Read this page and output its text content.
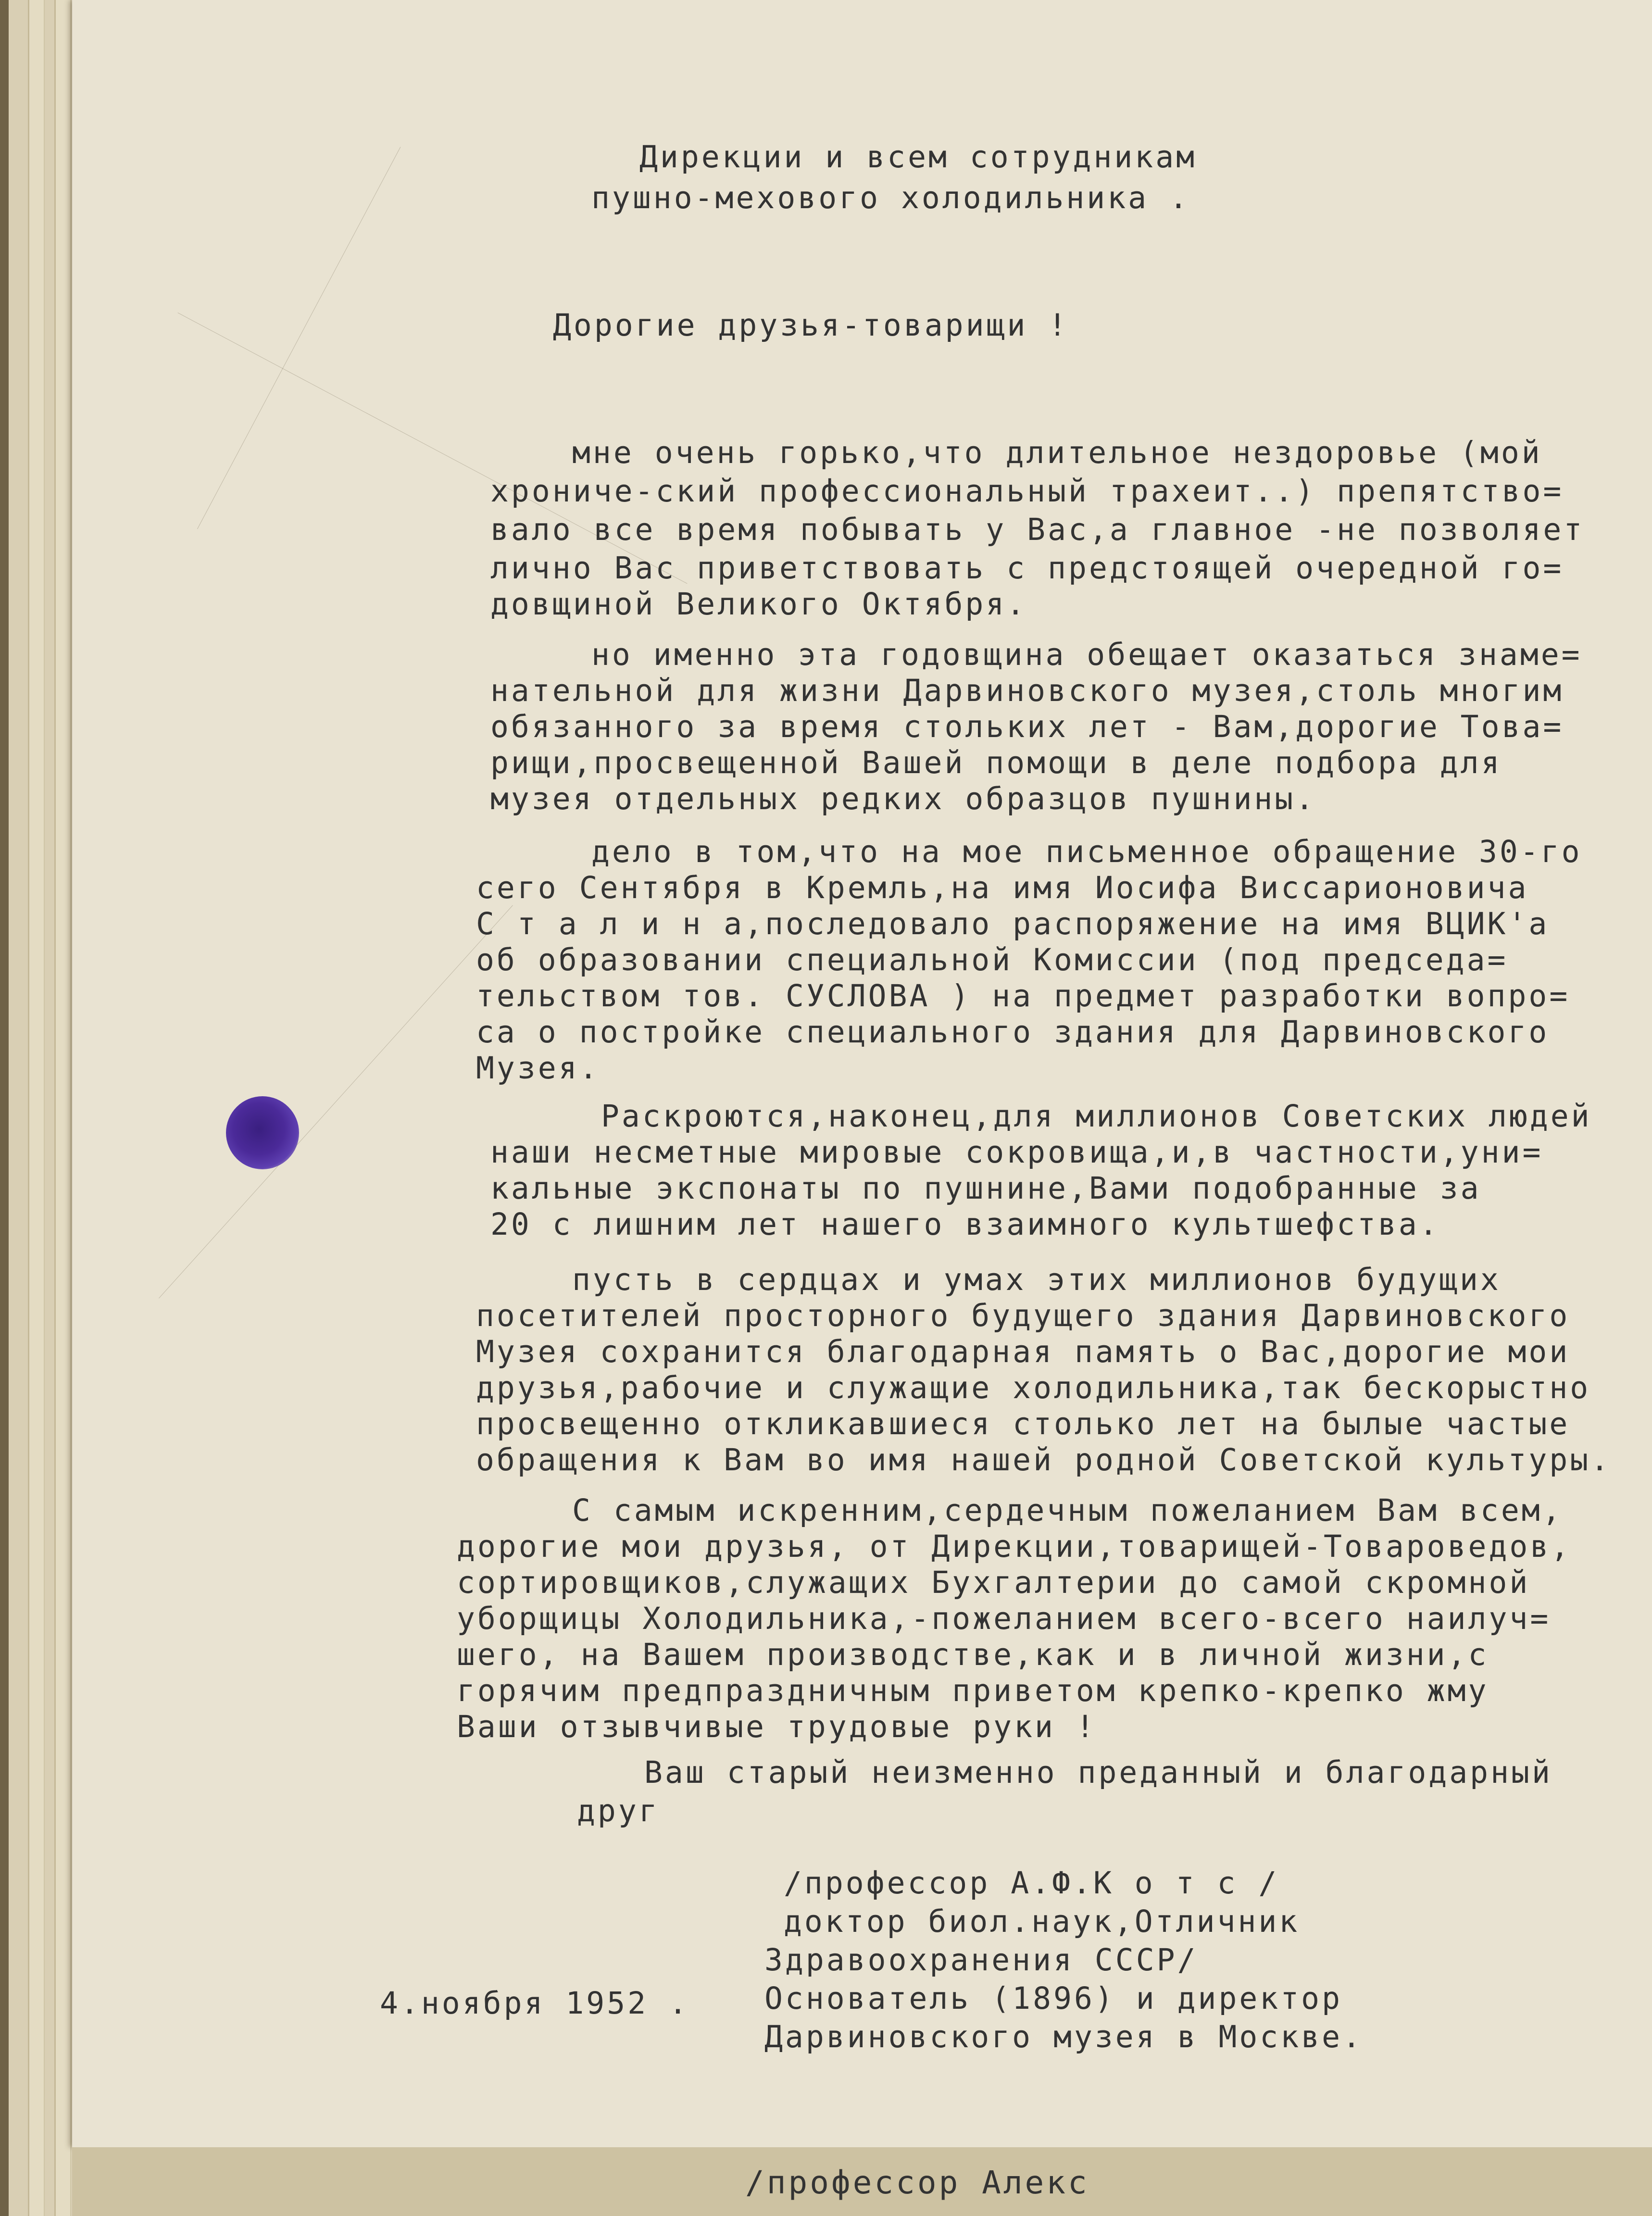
Дирекции и всем сотрудникам
пушно-мехового холодильника .
Дорогие друзья-товарищи !
мне очень горько,что длительное нездоровье (мой
хрониче-ский профессиональный трахеит..) препятство=
вало все время побывать у Вас,а главное -не позволяет
лично Вас приветствовать с предстоящей очередной го=
довщиной Великого Октября.
но именно эта годовщина обещает оказаться знаме=
нательной для жизни Дарвиновского музея,столь многим
обязанного за время стольких лет - Вам,дорогие Това=
рищи,просвещенной Вашей помощи в деле подбора для
музея отдельных редких образцов пушнины.
дело в том,что на мое письменное обращение 30-го
сего Сентября в Кремль,на имя Иосифа Виссарионовича
С т а л и н а,последовало распоряжение на имя ВЦИК'а
об образовании специальной Комиссии (под председа=
тельством тов. СУСЛОВА ) на предмет разработки вопро=
са о постройке специального здания для Дарвиновского
Музея.
Раскроются,наконец,для миллионов Советских людей
наши несметные мировые сокровища,и,в частности,уни=
кальные экспонаты по пушнине,Вами подобранные за
20 с лишним лет нашего взаимного культшефства.
пусть в сердцах и умах этих миллионов будущих
посетителей просторного будущего здания Дарвиновского
Музея сохранится благодарная память о Вас,дорогие мои
друзья,рабочие и служащие холодильника,так бескорыстно
просвещенно откликавшиеся столько лет на былые частые
обращения к Вам во имя нашей родной Советской культуры.
С самым искренним,сердечным пожеланием Вам всем,
дорогие мои друзья, от Дирекции,товарищей-Товароведов,
сортировщиков,служащих Бухгалтерии до самой скромной
уборщицы Холодильника,-пожеланием всего-всего наилуч=
шего, на Вашем производстве,как и в личной жизни,с
горячим предпраздничным приветом крепко-крепко жму
Ваши отзывчивые трудовые руки !
Ваш старый неизменно преданный и благодарный
друг
/профессор А.Ф.К о т с /
доктор биол.наук,Отличник
Здравоохранения СССР/
Основатель (1896) и директор
Дарвиновского музея в Москве.
4.ноября 1952 .
/профессор Алекс
